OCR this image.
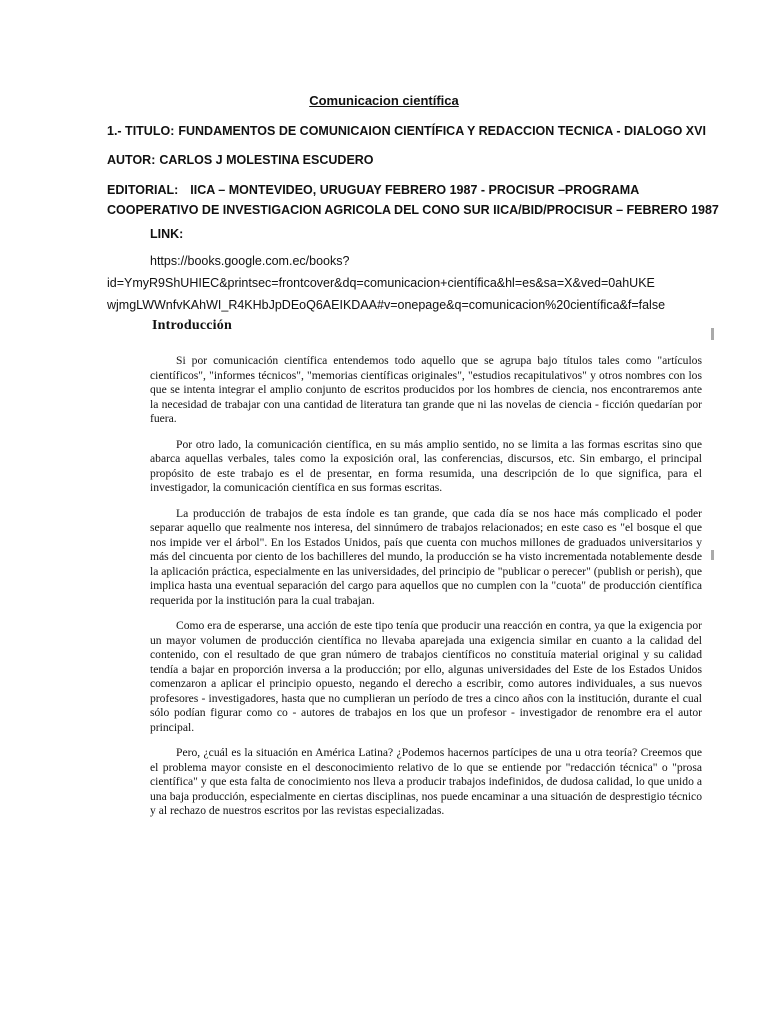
Comunicacion científica
1.- TITULO: FUNDAMENTOS DE COMUNICAION CIENTÍFICA Y REDACCION TECNICA - DIALOGO XVI
AUTOR: CARLOS J MOLESTINA ESCUDERO
EDITORIAL: IICA – MONTEVIDEO, URUGUAY FEBRERO 1987 - PROCISUR –PROGRAMA
COOPERATIVO DE INVESTIGACION AGRICOLA DEL CONO SUR IICA/BID/PROCISUR – FEBRERO 1987
LINK:
https://books.google.com.ec/books?
id=YmyR9ShUHIEC&printsec=frontcover&dq=comunicacion+científica&hl=es&sa=X&ved=0ahUKE
wjmgLWWnfvKAhWI_R4KHbJpDEoQ6AEIKDAA#v=onepage&q=comunicacion%20científica&f=false
Introducción

Si por comunicación científica entendemos todo aquello que se agrupa bajo títulos tales como "artículos científicos", "informes técnicos", "memorias científicas originales", "estudios recapitulativos" y otros nombres con los que se intenta integrar el amplio conjunto de escritos producidos por los hombres de ciencia, nos encontraremos ante la necesidad de trabajar con una cantidad de literatura tan grande que ni las novelas de ciencia - ficción quedarían por fuera.

Por otro lado, la comunicación científica, en su más amplio sentido, no se limita a las formas escritas sino que abarca aquellas verbales, tales como la exposición oral, las conferencias, discursos, etc. Sin embargo, el principal propósito de este trabajo es el de presentar, en forma resumida, una descripción de lo que significa, para el investigador, la comunicación científica en sus formas escritas.

La producción de trabajos de esta índole es tan grande, que cada día se nos hace más complicado el poder separar aquello que realmente nos interesa, del sinnúmero de trabajos relacionados; en este caso es "el bosque el que nos impide ver el árbol". En los Estados Unidos, país que cuenta con muchos millones de graduados universitarios y más del cincuenta por ciento de los bachilleres del mundo, la producción se ha visto incrementada notablemente desde la aplicación práctica, especialmente en las universidades, del principio de "publicar o perecer" (publish or perish), que implica hasta una eventual separación del cargo para aquellos que no cumplen con la "cuota" de producción científica requerida por la institución para la cual trabajan.

Como era de esperarse, una acción de este tipo tenía que producir una reacción en contra, ya que la exigencia por un mayor volumen de producción científica no llevaba aparejada una exigencia similar en cuanto a la calidad del contenido, con el resultado de que gran número de trabajos científicos no constituía material original y su calidad tendía a bajar en proporción inversa a la producción; por ello, algunas universidades del Este de los Estados Unidos comenzaron a aplicar el principio opuesto, negando el derecho a escribir, como autores individuales, a sus nuevos profesores - investigadores, hasta que no cumplieran un período de tres a cinco años con la institución, durante el cual sólo podían figurar como co - autores de trabajos en los que un profesor - investigador de renombre era el autor principal.

Pero, ¿cuál es la situación en América Latina? ¿Podemos hacernos partícipes de una u otra teoría? Creemos que el problema mayor consiste en el desconocimiento relativo de lo que se entiende por "redacción técnica" o "prosa científica" y que esta falta de conocimiento nos lleva a producir trabajos indefinidos, de dudosa calidad, lo que unido a una baja producción, especialmente en ciertas disciplinas, nos puede encaminar a una situación de desprestigio técnico y al rechazo de nuestros escritos por las revistas especializadas.
